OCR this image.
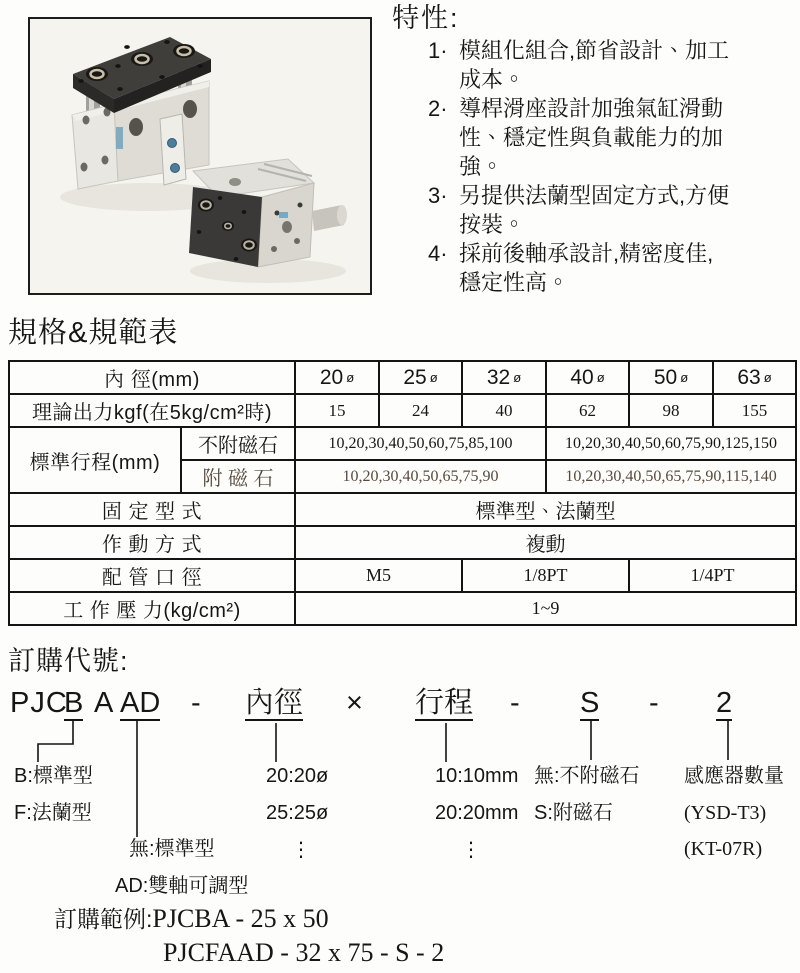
特性:
1· 模組化組合,節省設計、加工成本。
2· 導桿滑座設計加強氣缸滑動性、穩定性與負載能力的加強。
3· 另提供法蘭型固定方式,方便按裝。
4· 採前後軸承設計,精密度佳,穩定性高。
規格&規範表
內 徑(mm)		20 ø	25 ø	32 ø	40 ø	50 ø	63 ø
理論出力kgf(在5kg/cm²時)		15	24	40	62	98	155
標準行程(mm)	不附磁石	10,20,30,40,50,60,75,85,100			10,20,30,40,50,60,75,90,125,150		
	附 磁 石	10,20,30,40,50,65,75,90			10,20,30,40,50,65,75,90,115,140		
固 定 型 式		標準型、法蘭型					
作 動 方 式		複動					
配 管 口 徑		M5		1/8PT		1/4PT	
工 作 壓 力(kg/cm²)		1~9					
訂購代號:
PJC
B A AD - 內徑 × 行程 - S - 2
B:標準型
F:法蘭型
無:標準型
AD:雙軸可調型
20:20ø
25:25ø
⋮
10:10mm
20:20mm
⋮
無:不附磁石
S:附磁石
感應器數量
(YSD-T3)
(KT-07R)
訂購範例:PJCBA - 25 x 50
PJCFAAD - 32 x 75 - S - 2
